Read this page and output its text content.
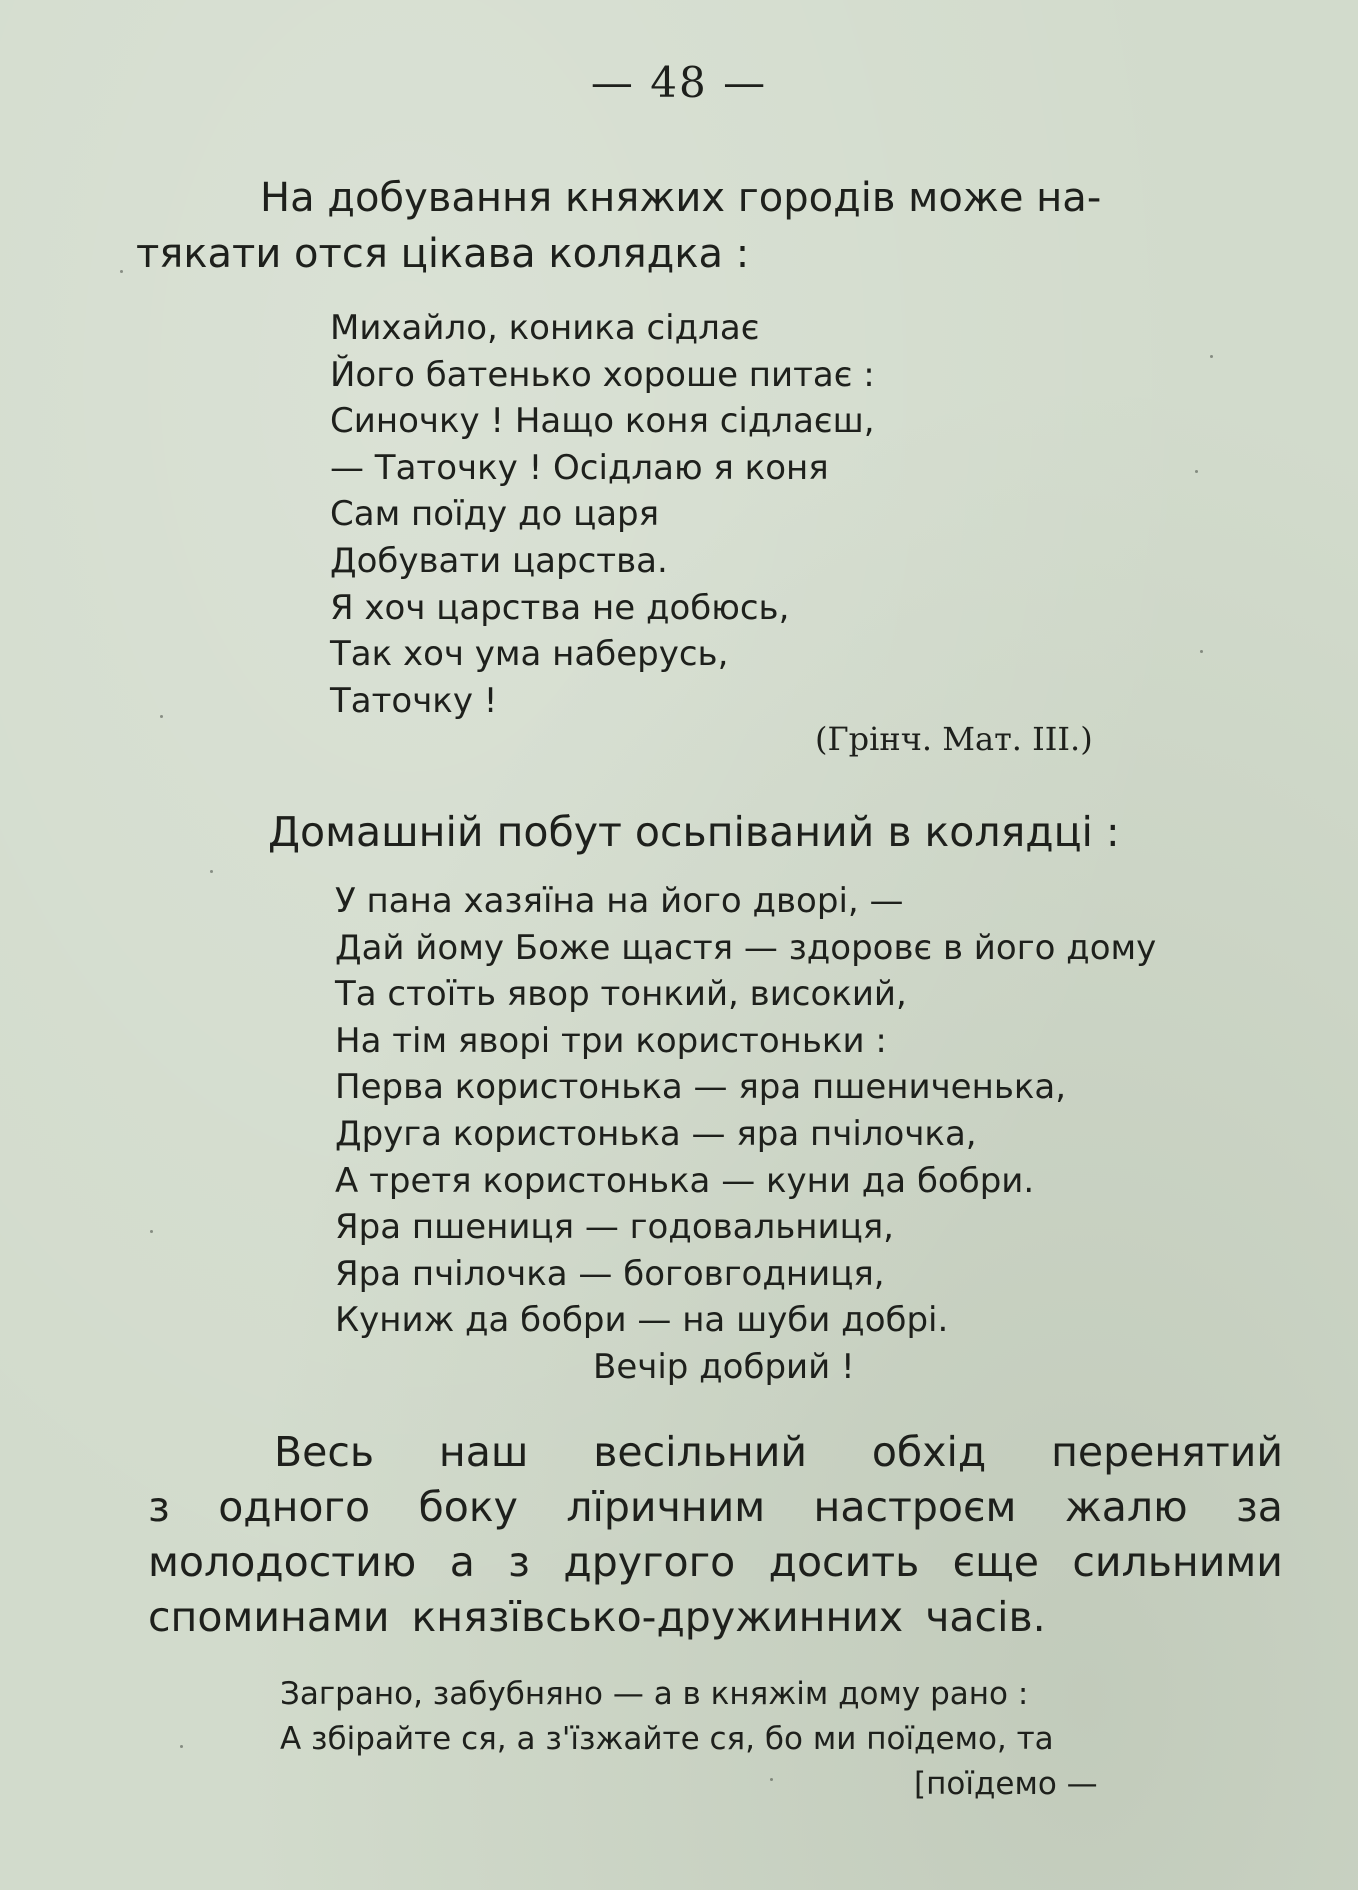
— 48 —
На добування княжих городів може на-
тякати отся цікава колядка :
Михайло, коника сідлає
Його батенько хороше питає :
Синочку ! Нащо коня сідлаєш,
— Таточку ! Осідлаю я коня
Сам поїду до царя
Добувати царства.
Я хоч царства не добюсь,
Так хоч ума наберусь,
Таточку !
(Грінч. Мат. III.)
Домашній побут осьпіваний в колядці :
У пана хазяїна на його дворі, —
Дай йому Боже щастя — здоровє в його дому
Та стоїть явор тонкий, високий,
На тім яворі три користоньки :
Перва користонька — яра пшениченька,
Друга користонька — яра пчілочка,
А третя користонька — куни да бобри.
Яра пшениця — годовальниця,
Яра пчілочка — боговгодниця,
Куниж да бобри — на шуби добрі.
Вечір добрий !
Весь наш весільний обхід перенятий
з одного боку лїричним настроєм жалю за
молодостию а з другого досить єще сильними
споминами князївсько-дружинних часів.
Заграно, забубняно — а в княжім дому рано :
А збірайте ся, а з'їзжайте ся, бо ми поїдемо, та
[поїдемо —
